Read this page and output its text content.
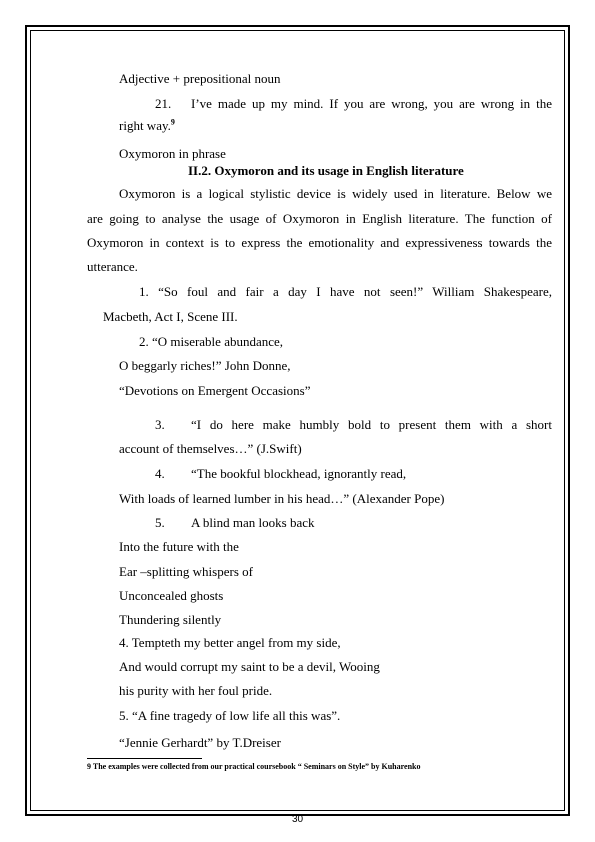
Adjective + prepositional noun
21. I’ve made up my mind. If you are wrong, you are wrong in the
right way.$^9$
Oxymoron in phrase
II.2. Oxymoron and its usage in English literature
Oxymoron is a logical stylistic device is widely used in literature. Below we
are going to analyse the usage of Oxymoron in English literature. The function of
Oxymoron in context is to express the emotionality and expressiveness towards the
utterance.
1. “So foul and fair a day I have not seen!” William Shakespeare,
Macbeth, Act I, Scene III.
2. “O miserable abundance,
O beggarly riches!” John Donne,
“Devotions on Emergent Occasions”
3. “I do here make humbly bold to present them with a short
account of themselves…” (J.Swift)
4. “The bookful blockhead, ignorantly read,
With loads of learned lumber in his head…” (Alexander Pope)
5. A blind man looks back
Into the future with the
Ear –splitting whispers of
Unconcealed ghosts
Thundering silently
4. Tempteth my better angel from my side,
And would corrupt my saint to be a devil, Wooing
his purity with her foul pride.
5. “A fine tragedy of low life all this was”.
“Jennie Gerhardt” by T.Dreiser
9 The examples were collected from our practical coursebook “ Seminars on Style” by Kuharenko
30
